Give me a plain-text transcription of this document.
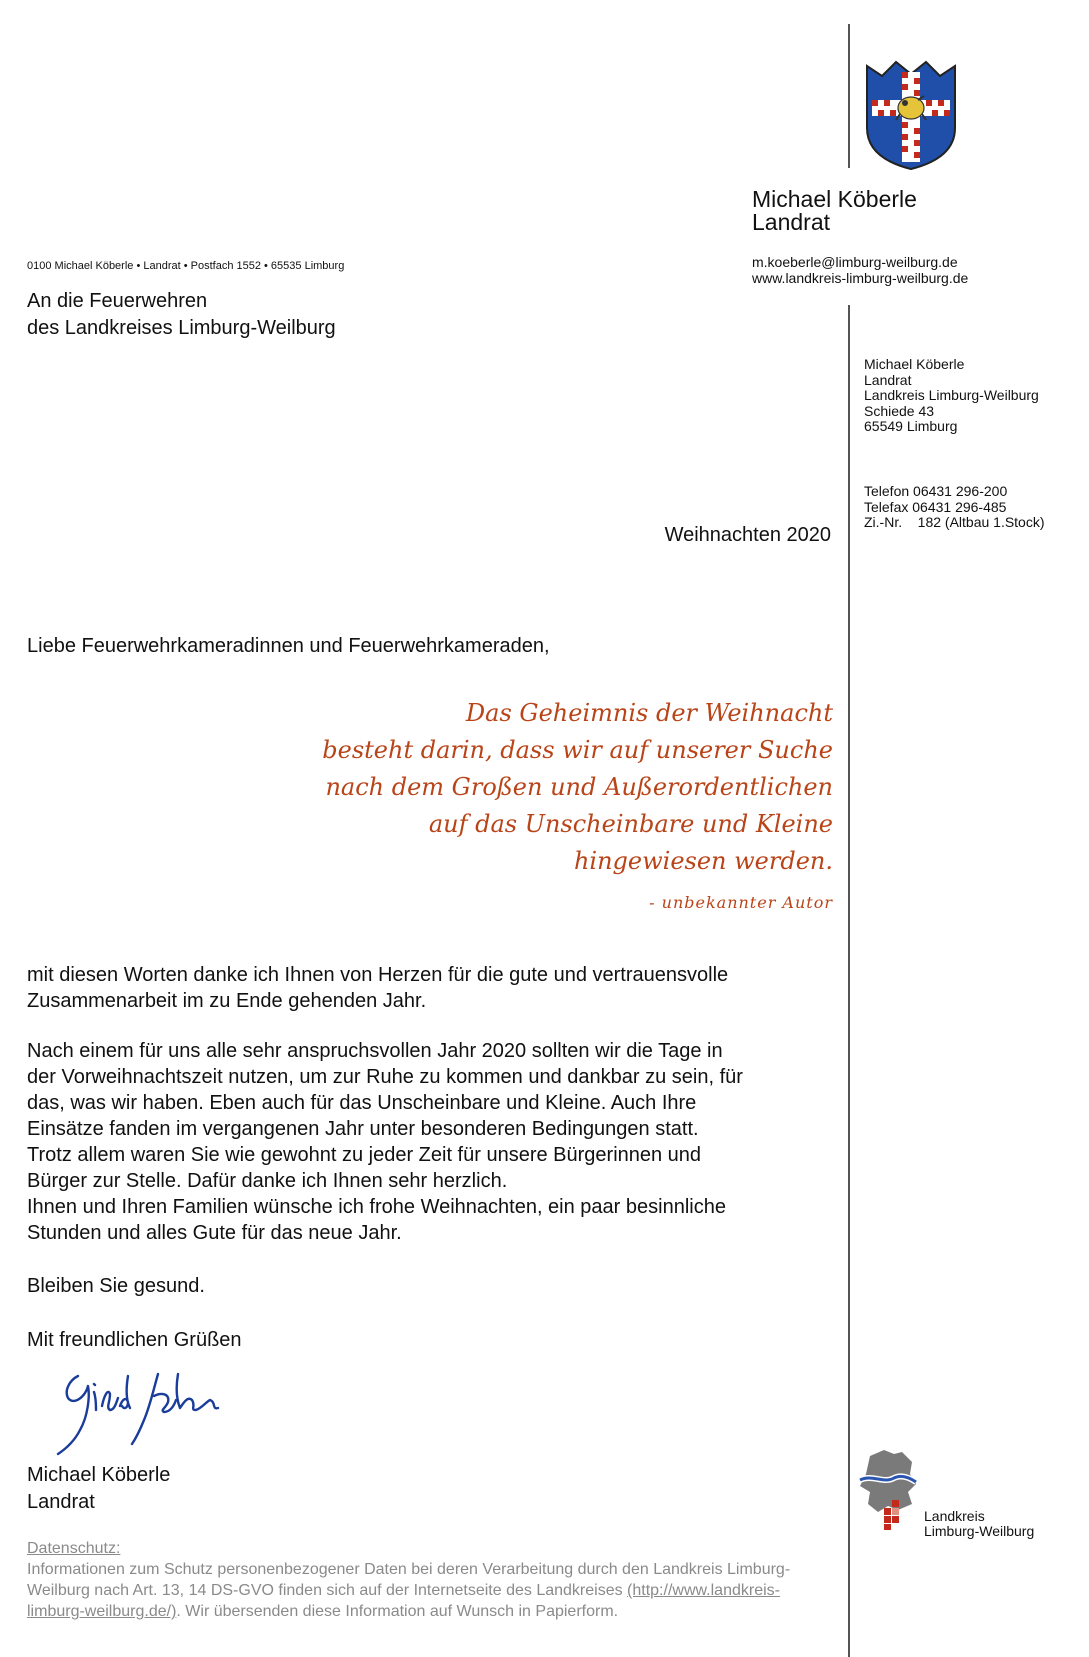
Michael Köberle
Landrat
m.koeberle@limburg-weilburg.de
www.landkreis-limburg-weilburg.de
0100 Michael Köberle • Landrat • Postfach 1552 • 65535 Limburg
An die Feuerwehren
des Landkreises Limburg-Weilburg
Michael Köberle
Landrat
Landkreis Limburg-Weilburg
Schiede 43
65549 Limburg
Telefon 06431 296-200
Telefax 06431 296-485
Zi.-Nr.    182 (Altbau 1.Stock)
Weihnachten 2020
Liebe Feuerwehrkameradinnen und Feuerwehrkameraden,
Das Geheimnis der Weihnacht
besteht darin, dass wir auf unserer Suche
nach dem Großen und Außerordentlichen
auf das Unscheinbare und Kleine
hingewiesen werden.
- unbekannter Autor
mit diesen Worten danke ich Ihnen von Herzen für die gute und vertrauensvolle Zusammenarbeit im zu Ende gehenden Jahr.
Nach einem für uns alle sehr anspruchsvollen Jahr 2020 sollten wir die Tage in
der Vorweihnachtszeit nutzen, um zur Ruhe zu kommen und dankbar zu sein, für
das, was wir haben. Eben auch für das Unscheinbare und Kleine. Auch Ihre
Einsätze fanden im vergangenen Jahr unter besonderen Bedingungen statt.
Trotz allem waren Sie wie gewohnt zu jeder Zeit für unsere Bürgerinnen und
Bürger zur Stelle. Dafür danke ich Ihnen sehr herzlich.
Ihnen und Ihren Familien wünsche ich frohe Weihnachten, ein paar besinnliche
Stunden und alles Gute für das neue Jahr.
Bleiben Sie gesund.
Mit freundlichen Grüßen
Michael Köberle
Landrat
Datenschutz:
Informationen zum Schutz personenbezogener Daten bei deren Verarbeitung durch den Landkreis Limburg-Weilburg nach Art. 13, 14 DS-GVO finden sich auf der Internetseite des Landkreises (http://www.landkreis-limburg-weilburg.de/). Wir übersenden diese Information auf Wunsch in Papierform.
Landkreis
Limburg-Weilburg
